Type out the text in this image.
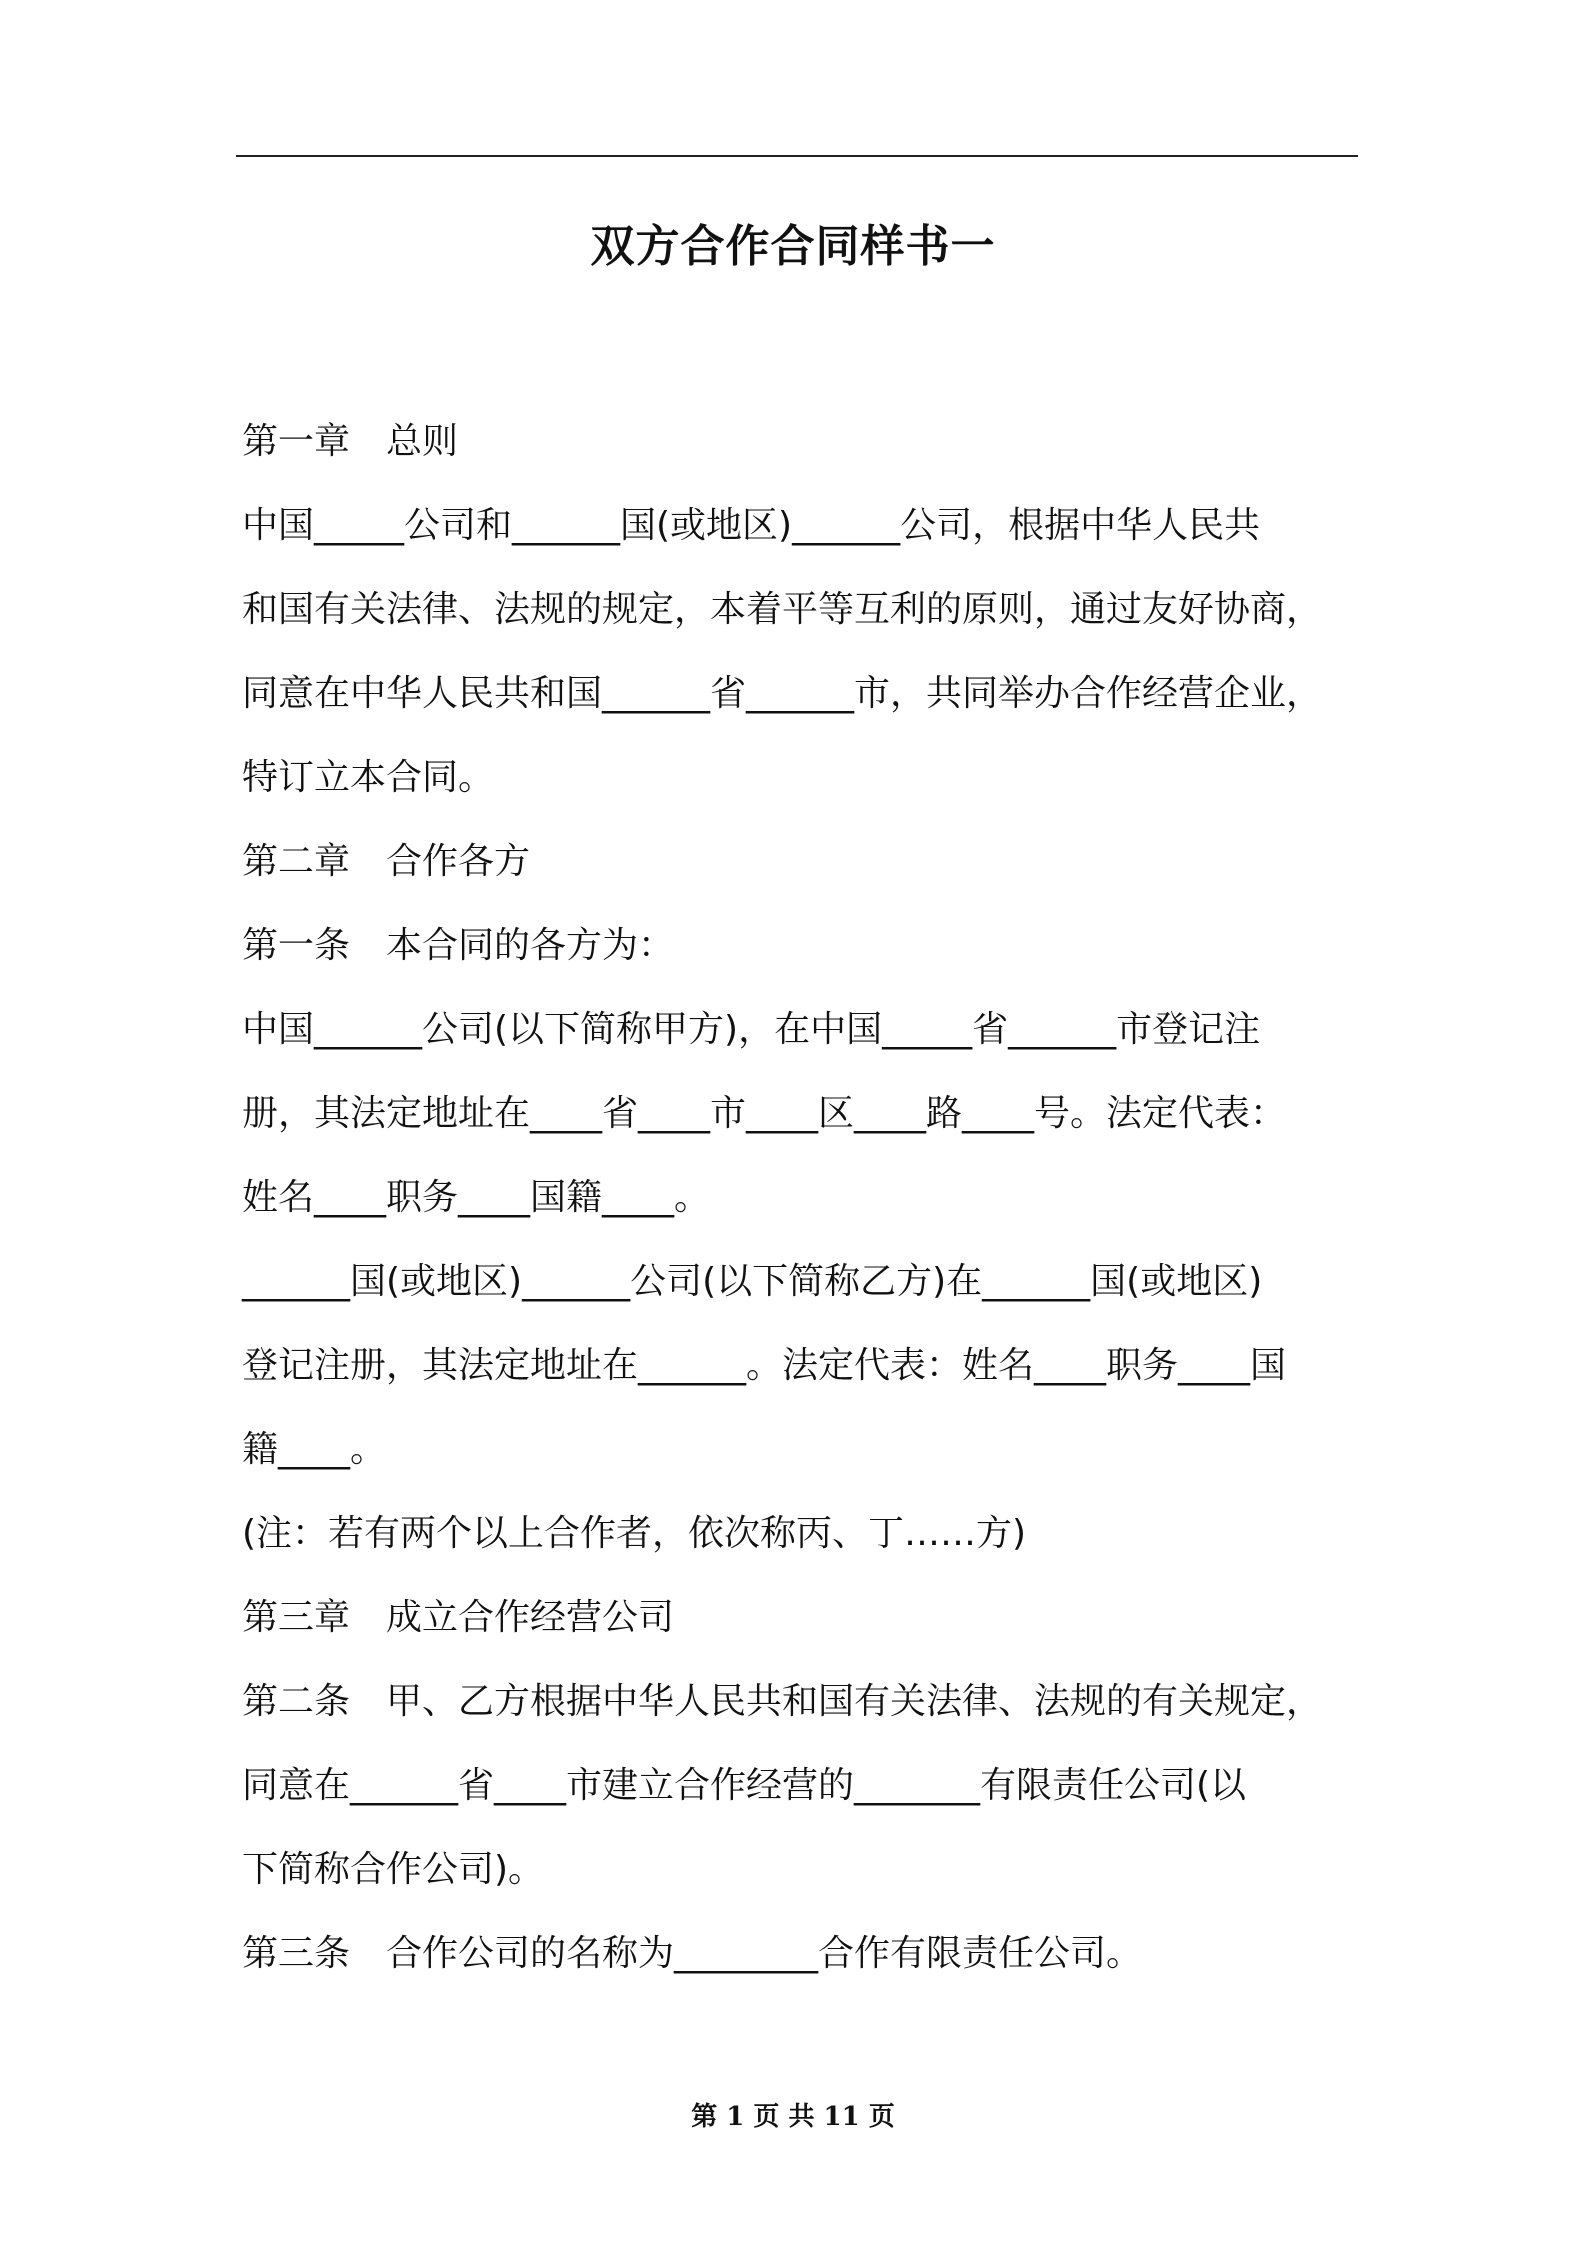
双方合作合同样书一
第一章　总则
中国_____公司和______国(或地区)______公司，根据中华人民共
和国有关法律、法规的规定，本着平等互利的原则，通过友好协商，
同意在中华人民共和国______省______市，共同举办合作经营企业，
特订立本合同。
第二章　合作各方
第一条　本合同的各方为：
中国______公司(以下简称甲方)，在中国_____省______市登记注
册，其法定地址在____省____市____区____路____号。法定代表：
姓名____职务____国籍____。
______国(或地区)______公司(以下简称乙方)在______国(或地区)
登记注册，其法定地址在______。法定代表：姓名____职务____国
籍____。
(注：若有两个以上合作者，依次称丙、丁……方)
第三章　成立合作经营公司
第二条　甲、乙方根据中华人民共和国有关法律、法规的有关规定，
同意在______省____市建立合作经营的_______有限责任公司(以
下简称合作公司)。
第三条　合作公司的名称为________合作有限责任公司。
第 1 页 共 11 页
